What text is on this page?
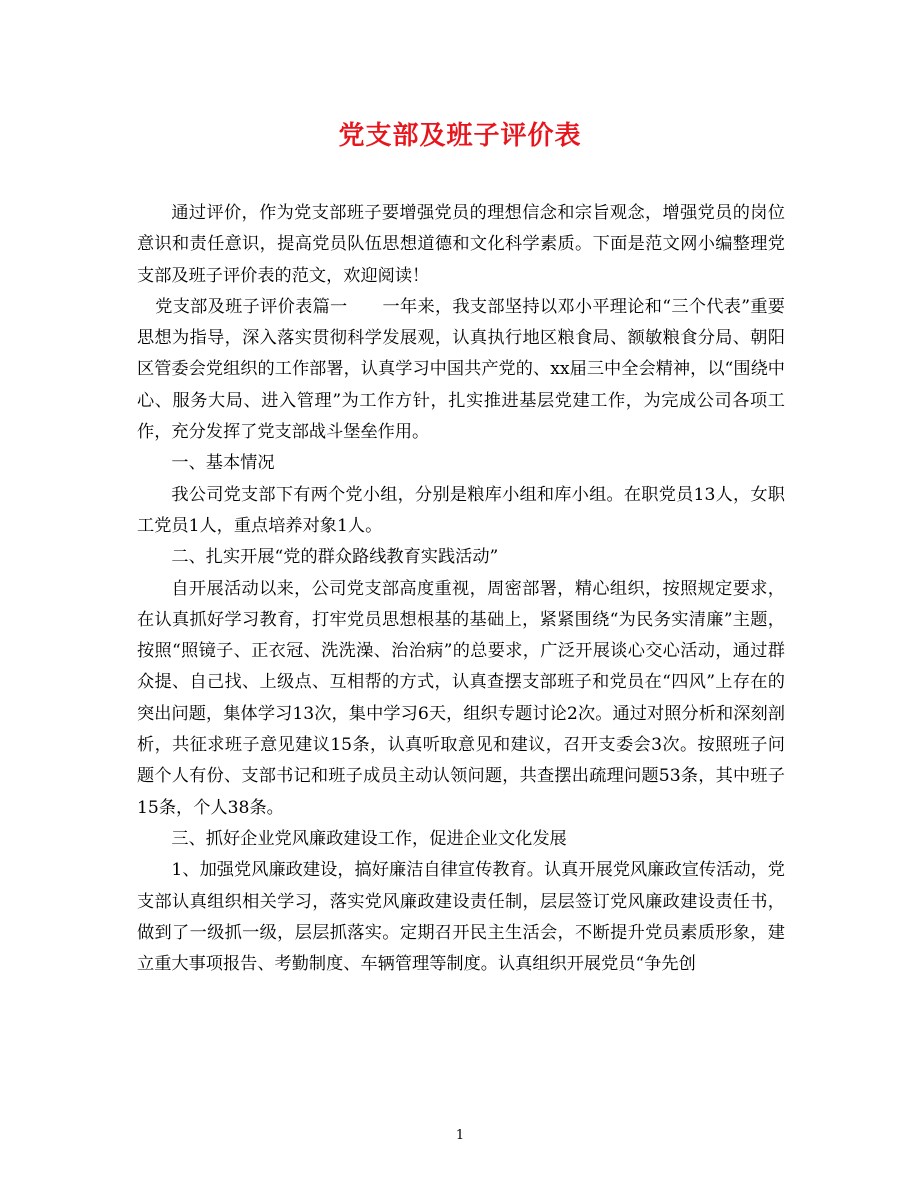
党支部及班子评价表

通过评价，作为党支部班子要增强党员的理想信念和宗旨观念，增强党员的岗位意识和责任意识，提高党员队伍思想道德和文化科学素质。下面是范文网小编整理党支部及班子评价表的范文，欢迎阅读！

党支部及班子评价表篇一　　一年来，我支部坚持以邓小平理论和“三个代表”重要思想为指导，深入落实贯彻科学发展观，认真执行地区粮食局、额敏粮食分局、朝阳区管委会党组织的工作部署，认真学习中国共产党的、xx届三中全会精神，以“围绕中心、服务大局、进入管理”为工作方针，扎实推进基层党建工作，为完成公司各项工作，充分发挥了党支部战斗堡垒作用。

一、基本情况

我公司党支部下有两个党小组，分别是粮库小组和库小组。在职党员13人，女职工党员1人，重点培养对象1人。

二、扎实开展“党的群众路线教育实践活动”

自开展活动以来，公司党支部高度重视，周密部署，精心组织，按照规定要求，在认真抓好学习教育，打牢党员思想根基的基础上，紧紧围绕“为民务实清廉”主题，按照“照镜子、正衣冠、洗洗澡、治治病”的总要求，广泛开展谈心交心活动，通过群众提、自己找、上级点、互相帮的方式，认真查摆支部班子和党员在“四风”上存在的突出问题，集体学习13次，集中学习6天，组织专题讨论2次。通过对照分析和深刻剖析，共征求班子意见建议15条，认真听取意见和建议，召开支委会3次。按照班子问题个人有份、支部书记和班子成员主动认领问题，共查摆出疏理问题53条，其中班子15条，个人38条。

三、抓好企业党风廉政建设工作，促进企业文化发展

1、加强党风廉政建设，搞好廉洁自律宣传教育。认真开展党风廉政宣传活动，党支部认真组织相关学习，落实党风廉政建设责任制，层层签订党风廉政建设责任书，做到了一级抓一级，层层抓落实。定期召开民主生活会，不断提升党员素质形象，建立重大事项报告、考勤制度、车辆管理等制度。认真组织开展党员“争先创

1
